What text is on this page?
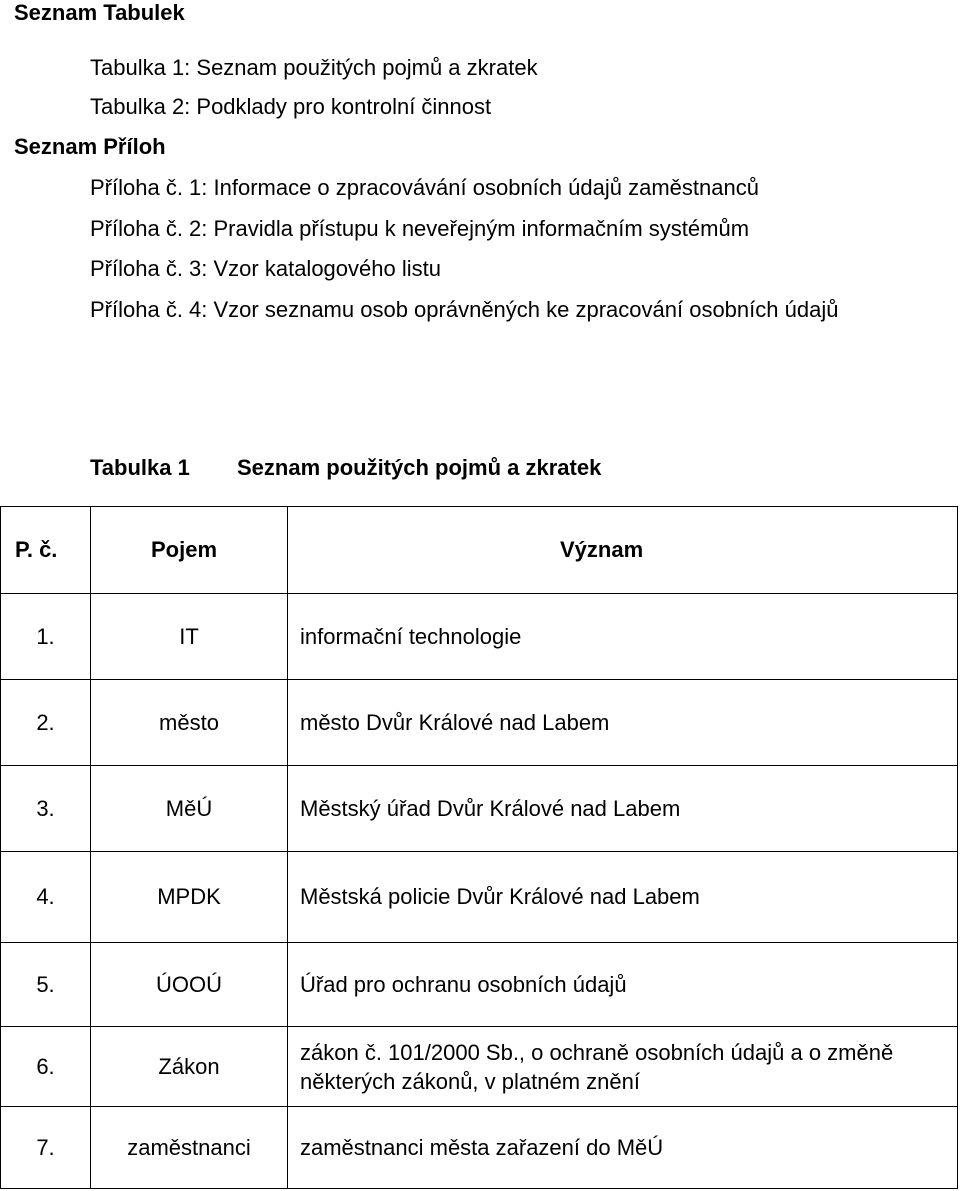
Seznam Tabulek
Tabulka 1: Seznam použitých pojmů a zkratek
Tabulka 2: Podklady pro kontrolní činnost
Seznam Příloh
Příloha č. 1: Informace o zpracovávání osobních údajů zaměstnanců
Příloha č. 2: Pravidla přístupu k neveřejným informačním systémům
Příloha č. 3: Vzor katalogového listu
Příloha č. 4: Vzor seznamu osob oprávněných ke zpracování osobních údajů
Tabulka 1 Seznam použitých pojmů a zkratek
P. č.	Pojem	Význam
1.	IT	informační technologie
2.	město	město Dvůr Králové nad Labem
3.	MěÚ	Městský úřad Dvůr Králové nad Labem
4.	MPDK	Městská policie Dvůr Králové nad Labem
5.	ÚOOÚ	Úřad pro ochranu osobních údajů
6.	Zákon	zákon č. 101/2000 Sb., o ochraně osobních údajů a o změně některých zákonů, v platném znění
7.	zaměstnanci	zaměstnanci města zařazení do MěÚ
